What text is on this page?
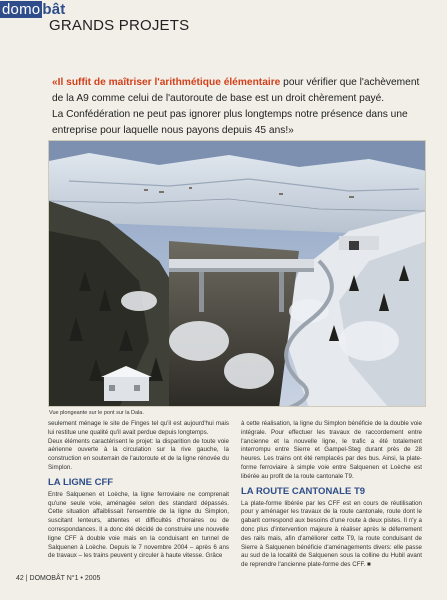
domo bât
GRANDS PROJETS

«Il suffit de maîtriser l'arithmétique élémentaire pour vérifier que l'achèvement de la A9 comme celui de l'autoroute de base est un droit chèrement payé.

La Confédération ne peut pas ignorer plus longtemps notre présence dans une entreprise pour laquelle nous payons depuis 45 ans!»

Vue plongeante sur le pont sur la Dala.

seulement ménage le site de Finges tel qu'il est aujourd'hui mais lui restitue une qualité qu'il avait perdue depuis longtemps.

Deux éléments caractérisent le projet: la disparition de toute voie aérienne ouverte à la circulation sur la rive gauche, la construction en souterrain de l'autoroute et de la ligne rénovée du Simplon.

LA LIGNE CFF

Entre Salquenen et Loèche, la ligne ferroviaire ne comprenait qu'une seule voie, aménagée selon des standard dépassés. Cette situation affaiblissait l'ensemble de la ligne du Simplon, suscitant lenteurs, attentes et difficultés d'horaires ou de correspondances. Il a donc été décidé de construire une nouvelle ligne CFF à double voie mais en la conduisant en tunnel de Salquenen à Loèche. Depuis le 7 novembre 2004 – après 6 ans de travaux – les trains peuvent y circuler à haute vitesse. Grâce

à cette réalisation, la ligne du Simplon bénéficie de la double voie intégrale. Pour effectuer les travaux de raccordement entre l'ancienne et la nouvelle ligne, le trafic a été totalement interrompu entre Sierre et Gampel-Steg durant près de 28 heures. Les trains ont été remplacés par des bus. Ainsi, la plate-forme ferroviaire à simple voie entre Salquenen et Loèche est libérée au profit de la route cantonale T9.

LA ROUTE CANTONALE T9

La plate-forme libérée par les CFF est en cours de réutilisation pour y aménager les travaux de la route cantonale, route dont le gabarit correspond aux besoins d'une route à deux pistes. Il n'y a donc plus d'intervention majeure à réaliser après le déferrement des rails mais, afin d'améliorer cette T9, la route conduisant de Sierre à Salquenen bénéficie d'aménagements divers: elle passe au sud de la localité de Salquenen sous la colline du Hubil avant de reprendre l'ancienne plate-forme des CFF. ■

42 | DOMOBÂT N°1 • 2005
